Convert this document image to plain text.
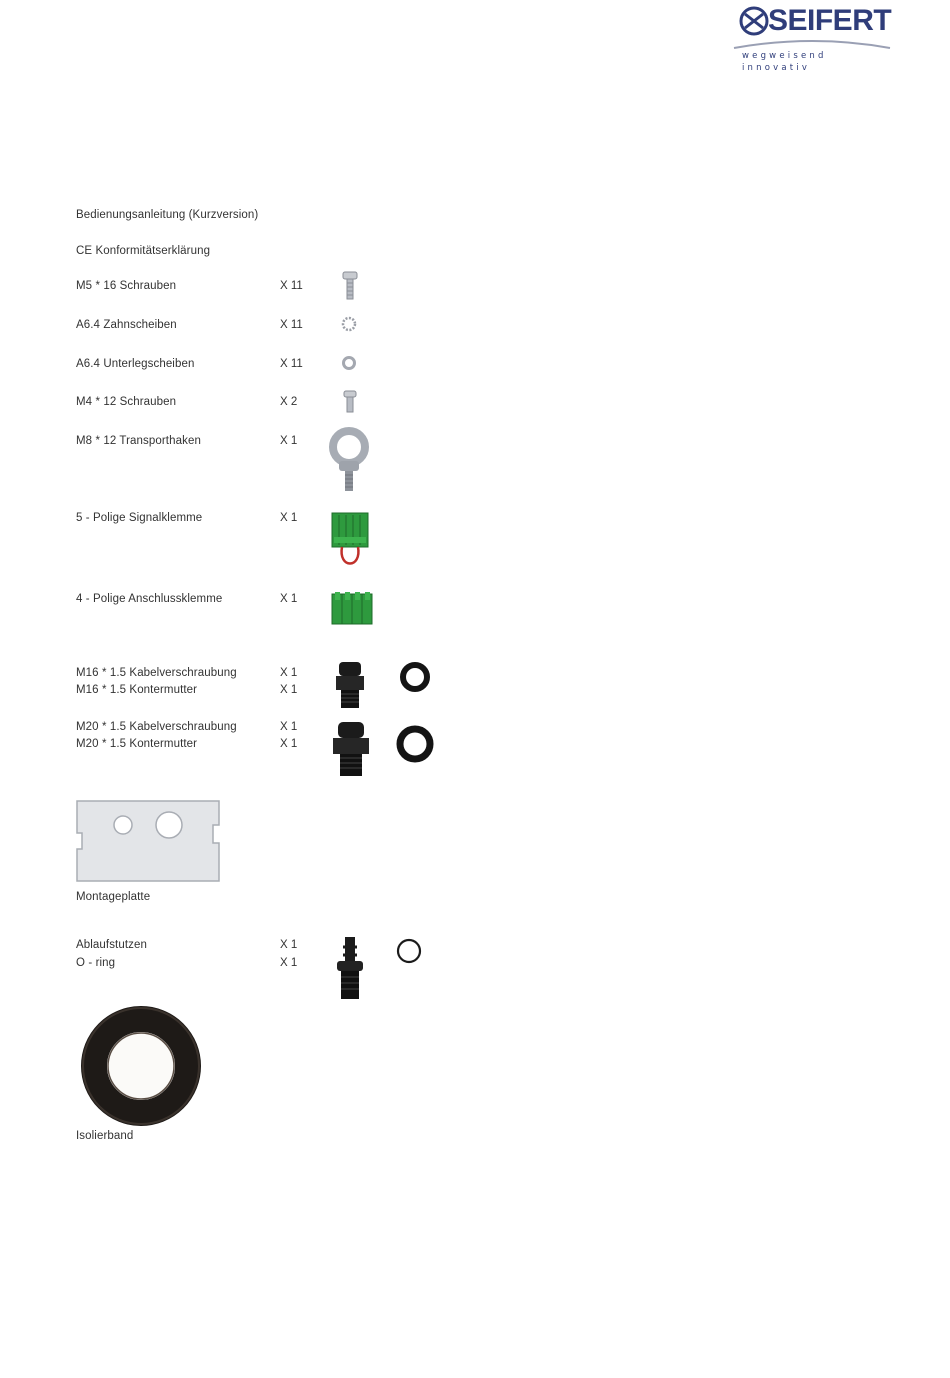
SEIFERT
wegweisend innovativ
Bedienungsanleitung (Kurzversion)
CE Konformitätserklärung
M5 * 16 Schrauben	X 11
A6.4 Zahnscheiben	X 11
A6.4 Unterlegscheiben	X 11
M4 * 12 Schrauben	X 2
M8 * 12 Transporthaken	X 1
5 - Polige Signalklemme	X 1
4 - Polige Anschlussklemme	X 1
M16 * 1.5 Kabelverschraubung	X 1
M16 * 1.5 Kontermutter	X 1
M20 * 1.5 Kabelverschraubung	X 1
M20 * 1.5 Kontermutter	X 1
Montageplatte
Ablaufstutzen	X 1
O - ring	X 1
Isolierband
